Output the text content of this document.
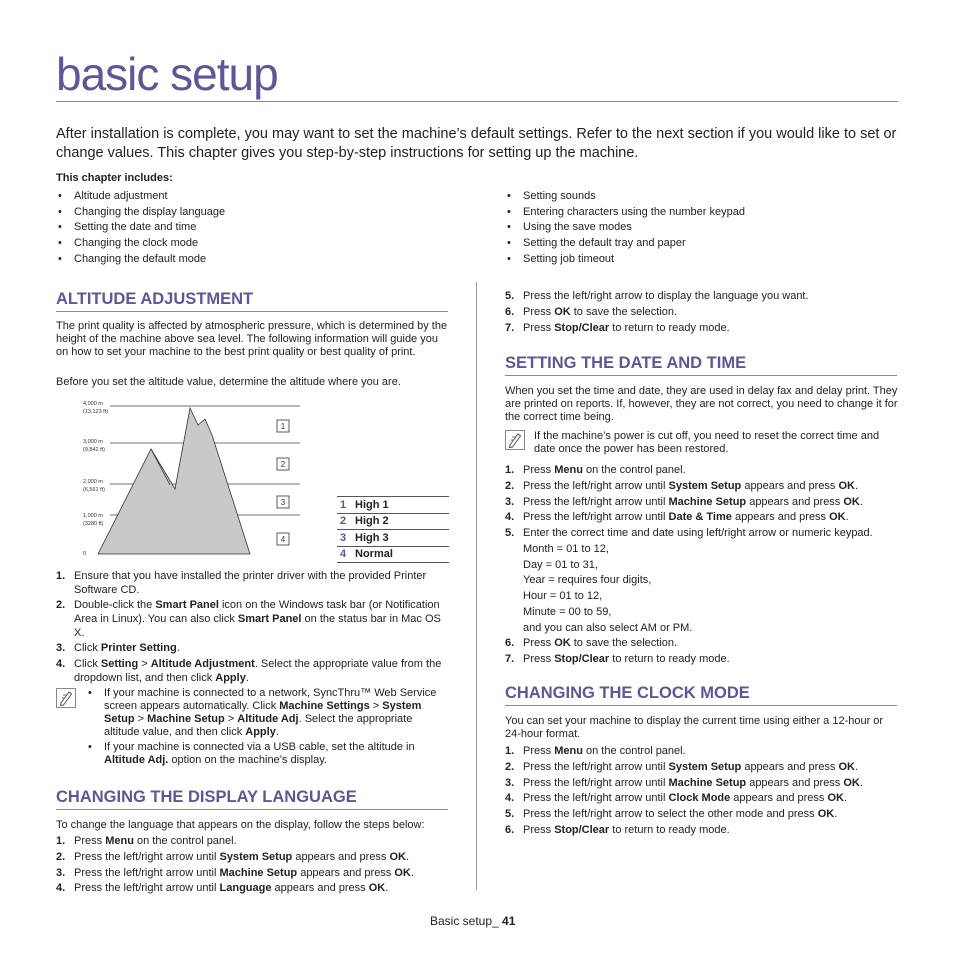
basic setup
After installation is complete, you may want to set the machine’s default settings. Refer to the next section if you would like to set or change values. This chapter gives you step-by-step instructions for setting up the machine.
This chapter includes:
• Altitude adjustment
• Changing the display language
• Setting the date and time
• Changing the clock mode
• Changing the default mode
• Setting sounds
• Entering characters using the number keypad
• Using the save modes
• Setting the default tray and paper
• Setting job timeout
ALTITUDE ADJUSTMENT
The print quality is affected by atmospheric pressure, which is determined by the height of the machine above sea level. The following information will guide you on how to set your machine to the best print quality or best quality of print.
Before you set the altitude value, determine the altitude where you are.
4,000 m
(13,123 ft)
3,000 m
(9,842 ft)
2,000 m
(6,561 ft)
1,000 m
(3280 ft)
0
1
2
3
4
1	High 1
2	High 2
3	High 3
4	Normal
1. Ensure that you have installed the printer driver with the provided Printer Software CD.
2. Double-click the Smart Panel icon on the Windows task bar (or Notification Area in Linux). You can also click Smart Panel on the status bar in Mac OS X.
3. Click Printer Setting.
4. Click Setting > Altitude Adjustment. Select the appropriate value from the dropdown list, and then click Apply.
• If your machine is connected to a network, SyncThru™ Web Service screen appears automatically. Click Machine Settings > System Setup > Machine Setup > Altitude Adj. Select the appropriate altitude value, and then click Apply.
• If your machine is connected via a USB cable, set the altitude in Altitude Adj. option on the machine’s display.
CHANGING THE DISPLAY LANGUAGE
To change the language that appears on the display, follow the steps below:
1. Press Menu on the control panel.
2. Press the left/right arrow until System Setup appears and press OK.
3. Press the left/right arrow until Machine Setup appears and press OK.
4. Press the left/right arrow until Language appears and press OK.
5. Press the left/right arrow to display the language you want.
6. Press OK to save the selection.
7. Press Stop/Clear to return to ready mode.
SETTING THE DATE AND TIME
When you set the time and date, they are used in delay fax and delay print. They are printed on reports. If, however, they are not correct, you need to change it for the correct time being.
If the machine’s power is cut off, you need to reset the correct time and date once the power has been restored.
1. Press Menu on the control panel.
2. Press the left/right arrow until System Setup appears and press OK.
3. Press the left/right arrow until Machine Setup appears and press OK.
4. Press the left/right arrow until Date & Time appears and press OK.
5. Enter the correct time and date using left/right arrow or numeric keypad.
Month = 01 to 12,
Day = 01 to 31,
Year = requires four digits,
Hour = 01 to 12,
Minute = 00 to 59,
and you can also select AM or PM.
6. Press OK to save the selection.
7. Press Stop/Clear to return to ready mode.
CHANGING THE CLOCK MODE
You can set your machine to display the current time using either a 12-hour or 24-hour format.
1. Press Menu on the control panel.
2. Press the left/right arrow until System Setup appears and press OK.
3. Press the left/right arrow until Machine Setup appears and press OK.
4. Press the left/right arrow until Clock Mode appears and press OK.
5. Press the left/right arrow to select the other mode and press OK.
6. Press Stop/Clear to return to ready mode.
Basic setup_ 41
